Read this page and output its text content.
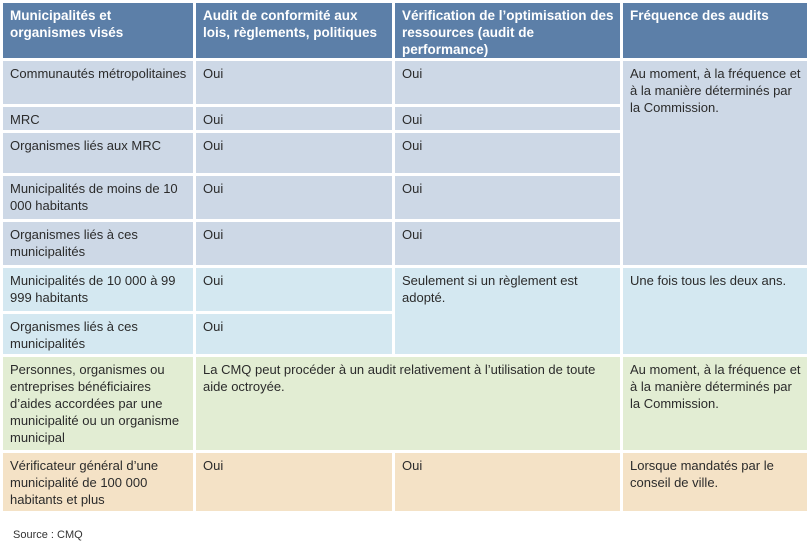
Municipalités et organismes visés	Audit de conformité aux lois, règlements, politiques	Vérification de l’optimisation des ressources (audit de performance)	Fréquence des audits
Communautés métropolitaines	Oui	Oui	Au moment, à la fréquence et à la manière déterminés par la Commission.
MRC	Oui	Oui	
Organismes liés aux MRC	Oui	Oui	
Municipalités de moins de 10 000 habitants	Oui	Oui	
Organismes liés à ces municipalités	Oui	Oui	
Municipalités de 10 000 à 99 999 habitants	Oui	Seulement si un règlement est adopté.	Une fois tous les deux ans.
Organismes liés à ces municipalités	Oui		
Personnes, organismes ou entreprises bénéficiaires d’aides accordées par une municipalité ou un organisme municipal	La CMQ peut procéder à un audit relativement à l’utilisation de toute aide octroyée.		Au moment, à la fréquence et à la manière déterminés par la Commission.
Vérificateur général d’une municipalité de 100 000 habitants et plus	Oui	Oui	Lorsque mandatés par le conseil de ville.
Source : CMQ
